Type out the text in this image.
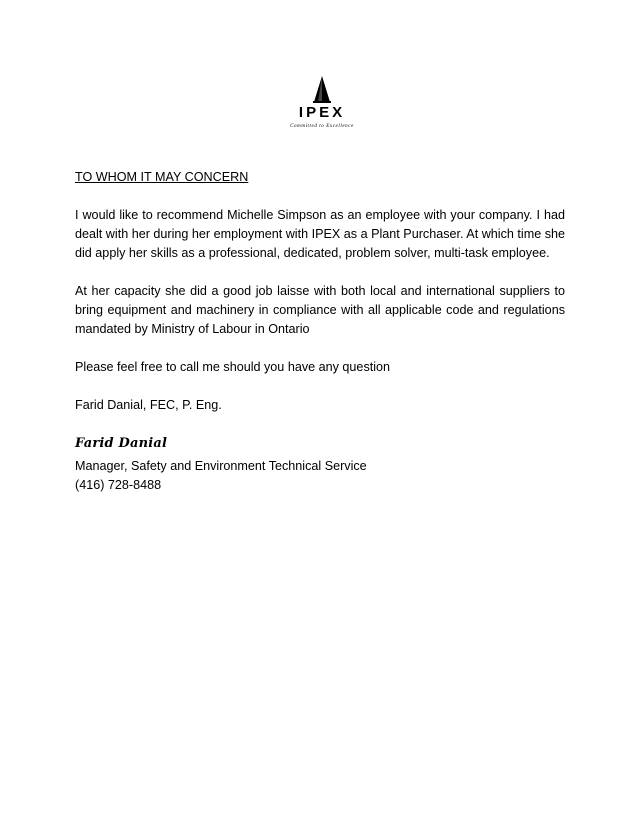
IPEX
Committed to Excellence

TO WHOM IT MAY CONCERN

I would like to recommend Michelle Simpson as an employee with your company. I had dealt with her during her employment with IPEX as a Plant Purchaser. At which time she did apply her skills as a professional, dedicated, problem solver, multi-task employee.

At her capacity she did a good job laisse with both local and international suppliers to bring equipment and machinery in compliance with all applicable code and regulations mandated by Ministry of Labour in Ontario

Please feel free to call me should you have any question

Farid Danial, FEC, P. Eng.

Farid Danial

Manager, Safety and Environment Technical Service

(416) 728-8488
